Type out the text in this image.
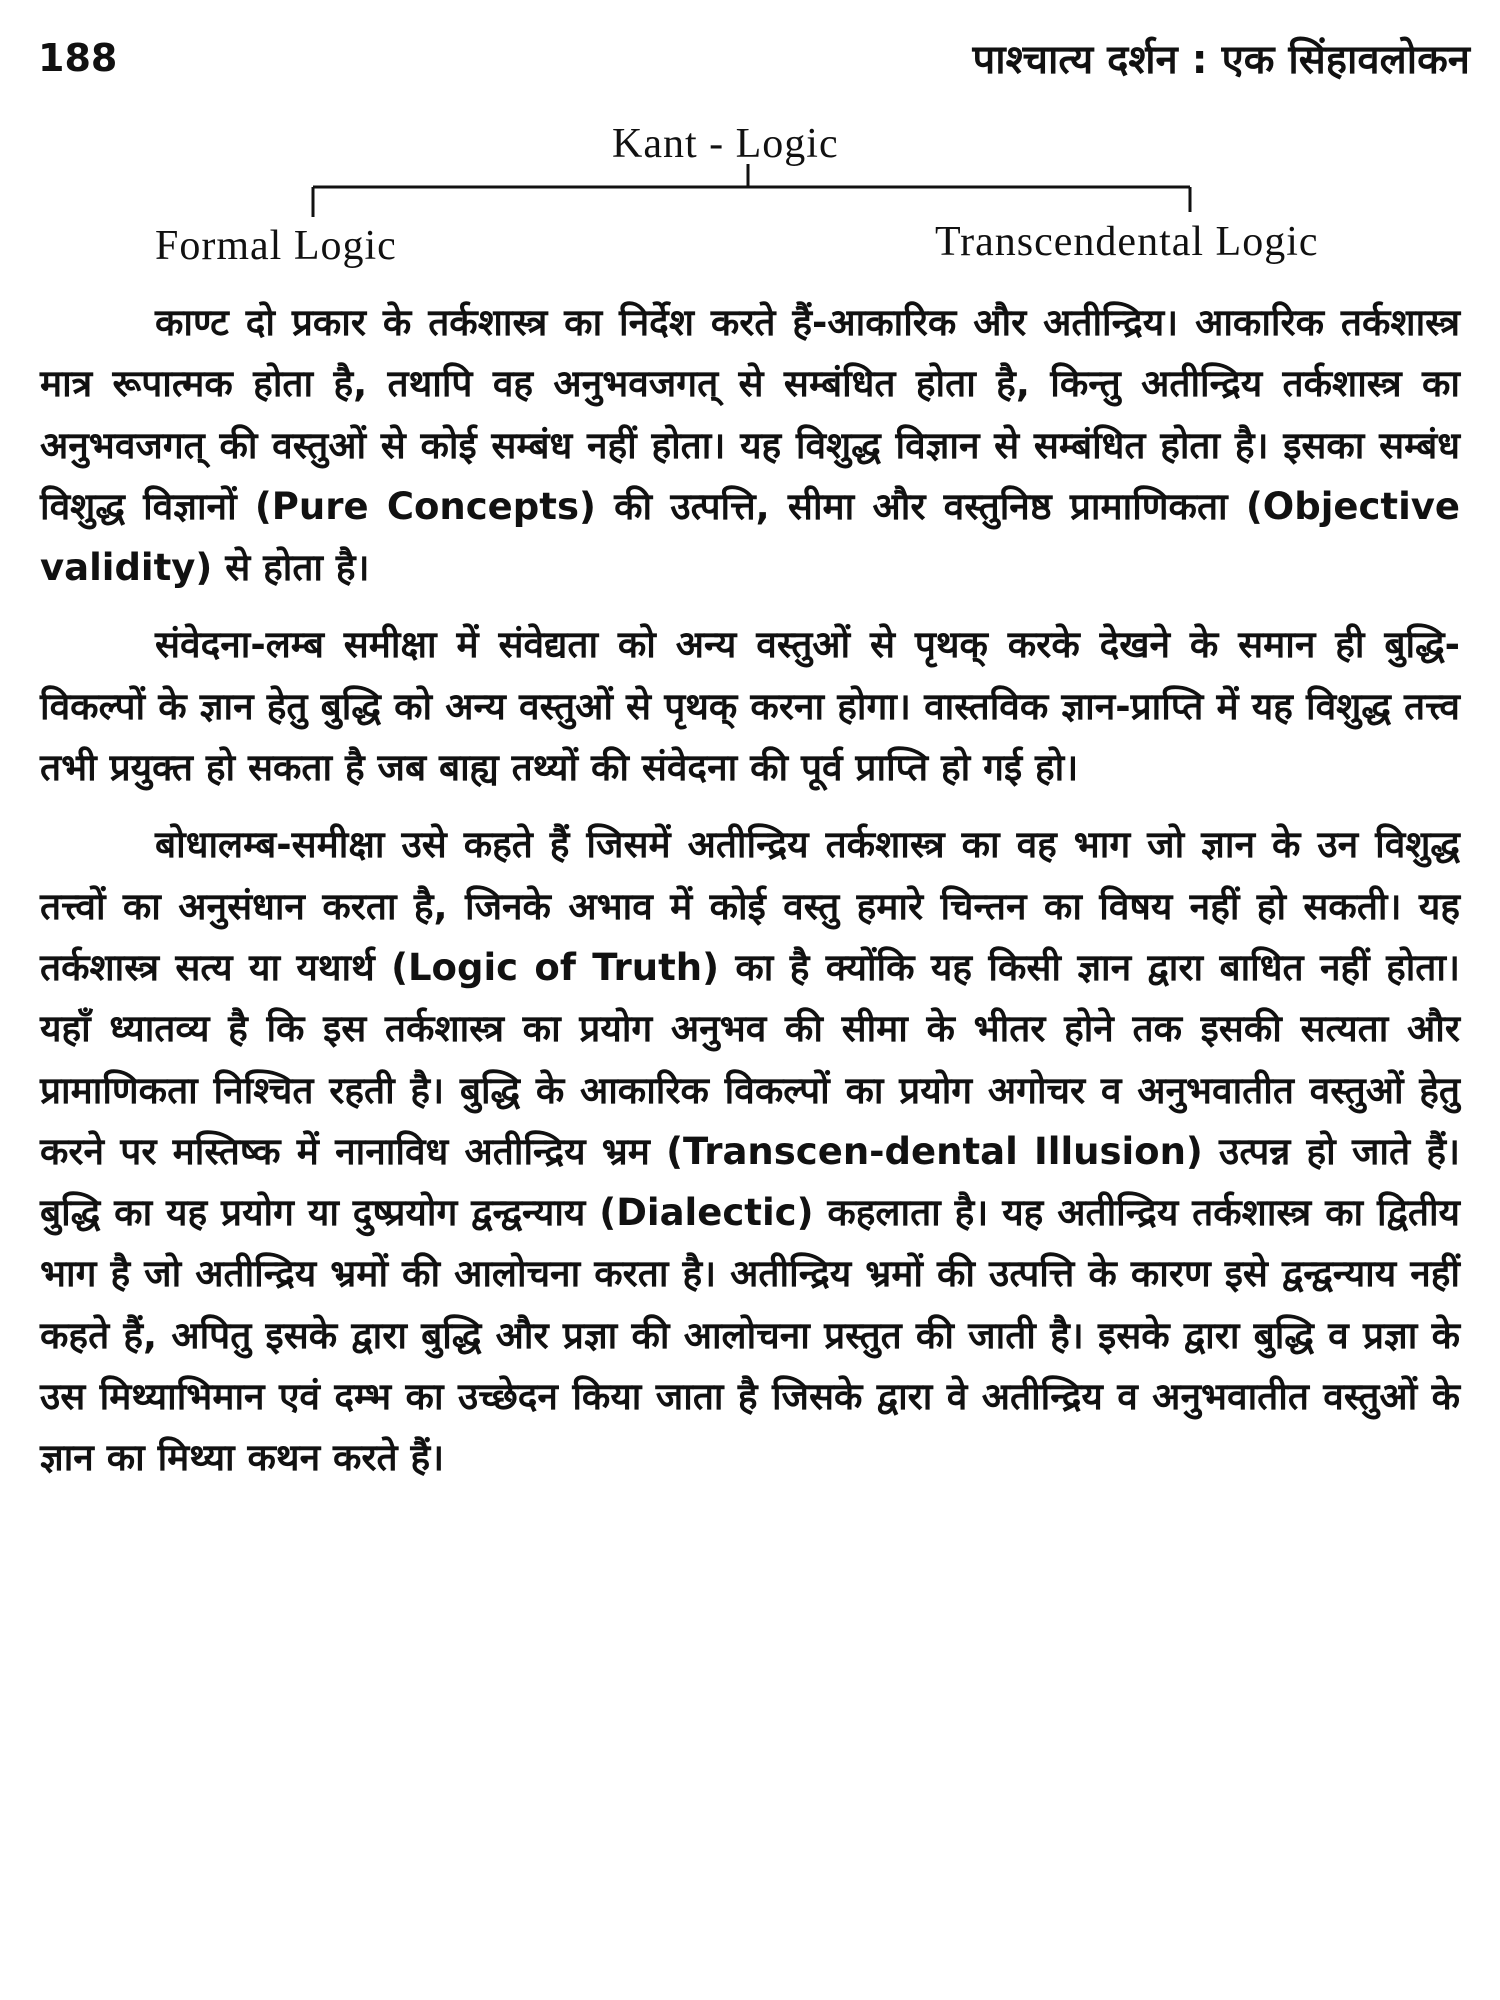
188	पाश्चात्य दर्शन : एक सिंहावलोकन
Kant - Logic
Formal Logic	Transcendental Logic

काण्ट दो प्रकार के तर्कशास्त्र का निर्देश करते हैं-आकारिक और अतीन्द्रिय। आकारिक तर्कशास्त्र मात्र रूपात्मक होता है, तथापि वह अनुभवजगत् से सम्बंधित होता है, किन्तु अतीन्द्रिय तर्कशास्त्र का अनुभवजगत् की वस्तुओं से कोई सम्बंध नहीं होता। यह विशुद्ध विज्ञान से सम्बंधित होता है। इसका सम्बंध विशुद्ध विज्ञानों (Pure Concepts) की उत्पत्ति, सीमा और वस्तुनिष्ठ प्रामाणिकता (Objective validity) से होता है।

संवेदना-लम्ब समीक्षा में संवेद्यता को अन्य वस्तुओं से पृथक् करके देखने के समान ही बुद्धि-विकल्पों के ज्ञान हेतु बुद्धि को अन्य वस्तुओं से पृथक् करना होगा। वास्तविक ज्ञान-प्राप्ति में यह विशुद्ध तत्त्व तभी प्रयुक्त हो सकता है जब बाह्य तथ्यों की संवेदना की पूर्व प्राप्ति हो गई हो।

बोधालम्ब-समीक्षा उसे कहते हैं जिसमें अतीन्द्रिय तर्कशास्त्र का वह भाग जो ज्ञान के उन विशुद्ध तत्त्वों का अनुसंधान करता है, जिनके अभाव में कोई वस्तु हमारे चिन्तन का विषय नहीं हो सकती। यह तर्कशास्त्र सत्य या यथार्थ (Logic of Truth) का है क्योंकि यह किसी ज्ञान द्वारा बाधित नहीं होता। यहाँ ध्यातव्य है कि इस तर्कशास्त्र का प्रयोग अनुभव की सीमा के भीतर होने तक इसकी सत्यता और प्रामाणिकता निश्चित रहती है। बुद्धि के आकारिक विकल्पों का प्रयोग अगोचर व अनुभवातीत वस्तुओं हेतु करने पर मस्तिष्क में नानाविध अतीन्द्रिय भ्रम (Transcen-dental Illusion) उत्पन्न हो जाते हैं। बुद्धि का यह प्रयोग या दुष्प्रयोग द्वन्द्वन्याय (Dialectic) कहलाता है। यह अतीन्द्रिय तर्कशास्त्र का द्वितीय भाग है जो अतीन्द्रिय भ्रमों की आलोचना करता है। अतीन्द्रिय भ्रमों की उत्पत्ति के कारण इसे द्वन्द्वन्याय नहीं कहते हैं, अपितु इसके द्वारा बुद्धि और प्रज्ञा की आलोचना प्रस्तुत की जाती है। इसके द्वारा बुद्धि व प्रज्ञा के उस मिथ्याभिमान एवं दम्भ का उच्छेदन किया जाता है जिसके द्वारा वे अतीन्द्रिय व अनुभवातीत वस्तुओं के ज्ञान का मिथ्या कथन करते हैं।
